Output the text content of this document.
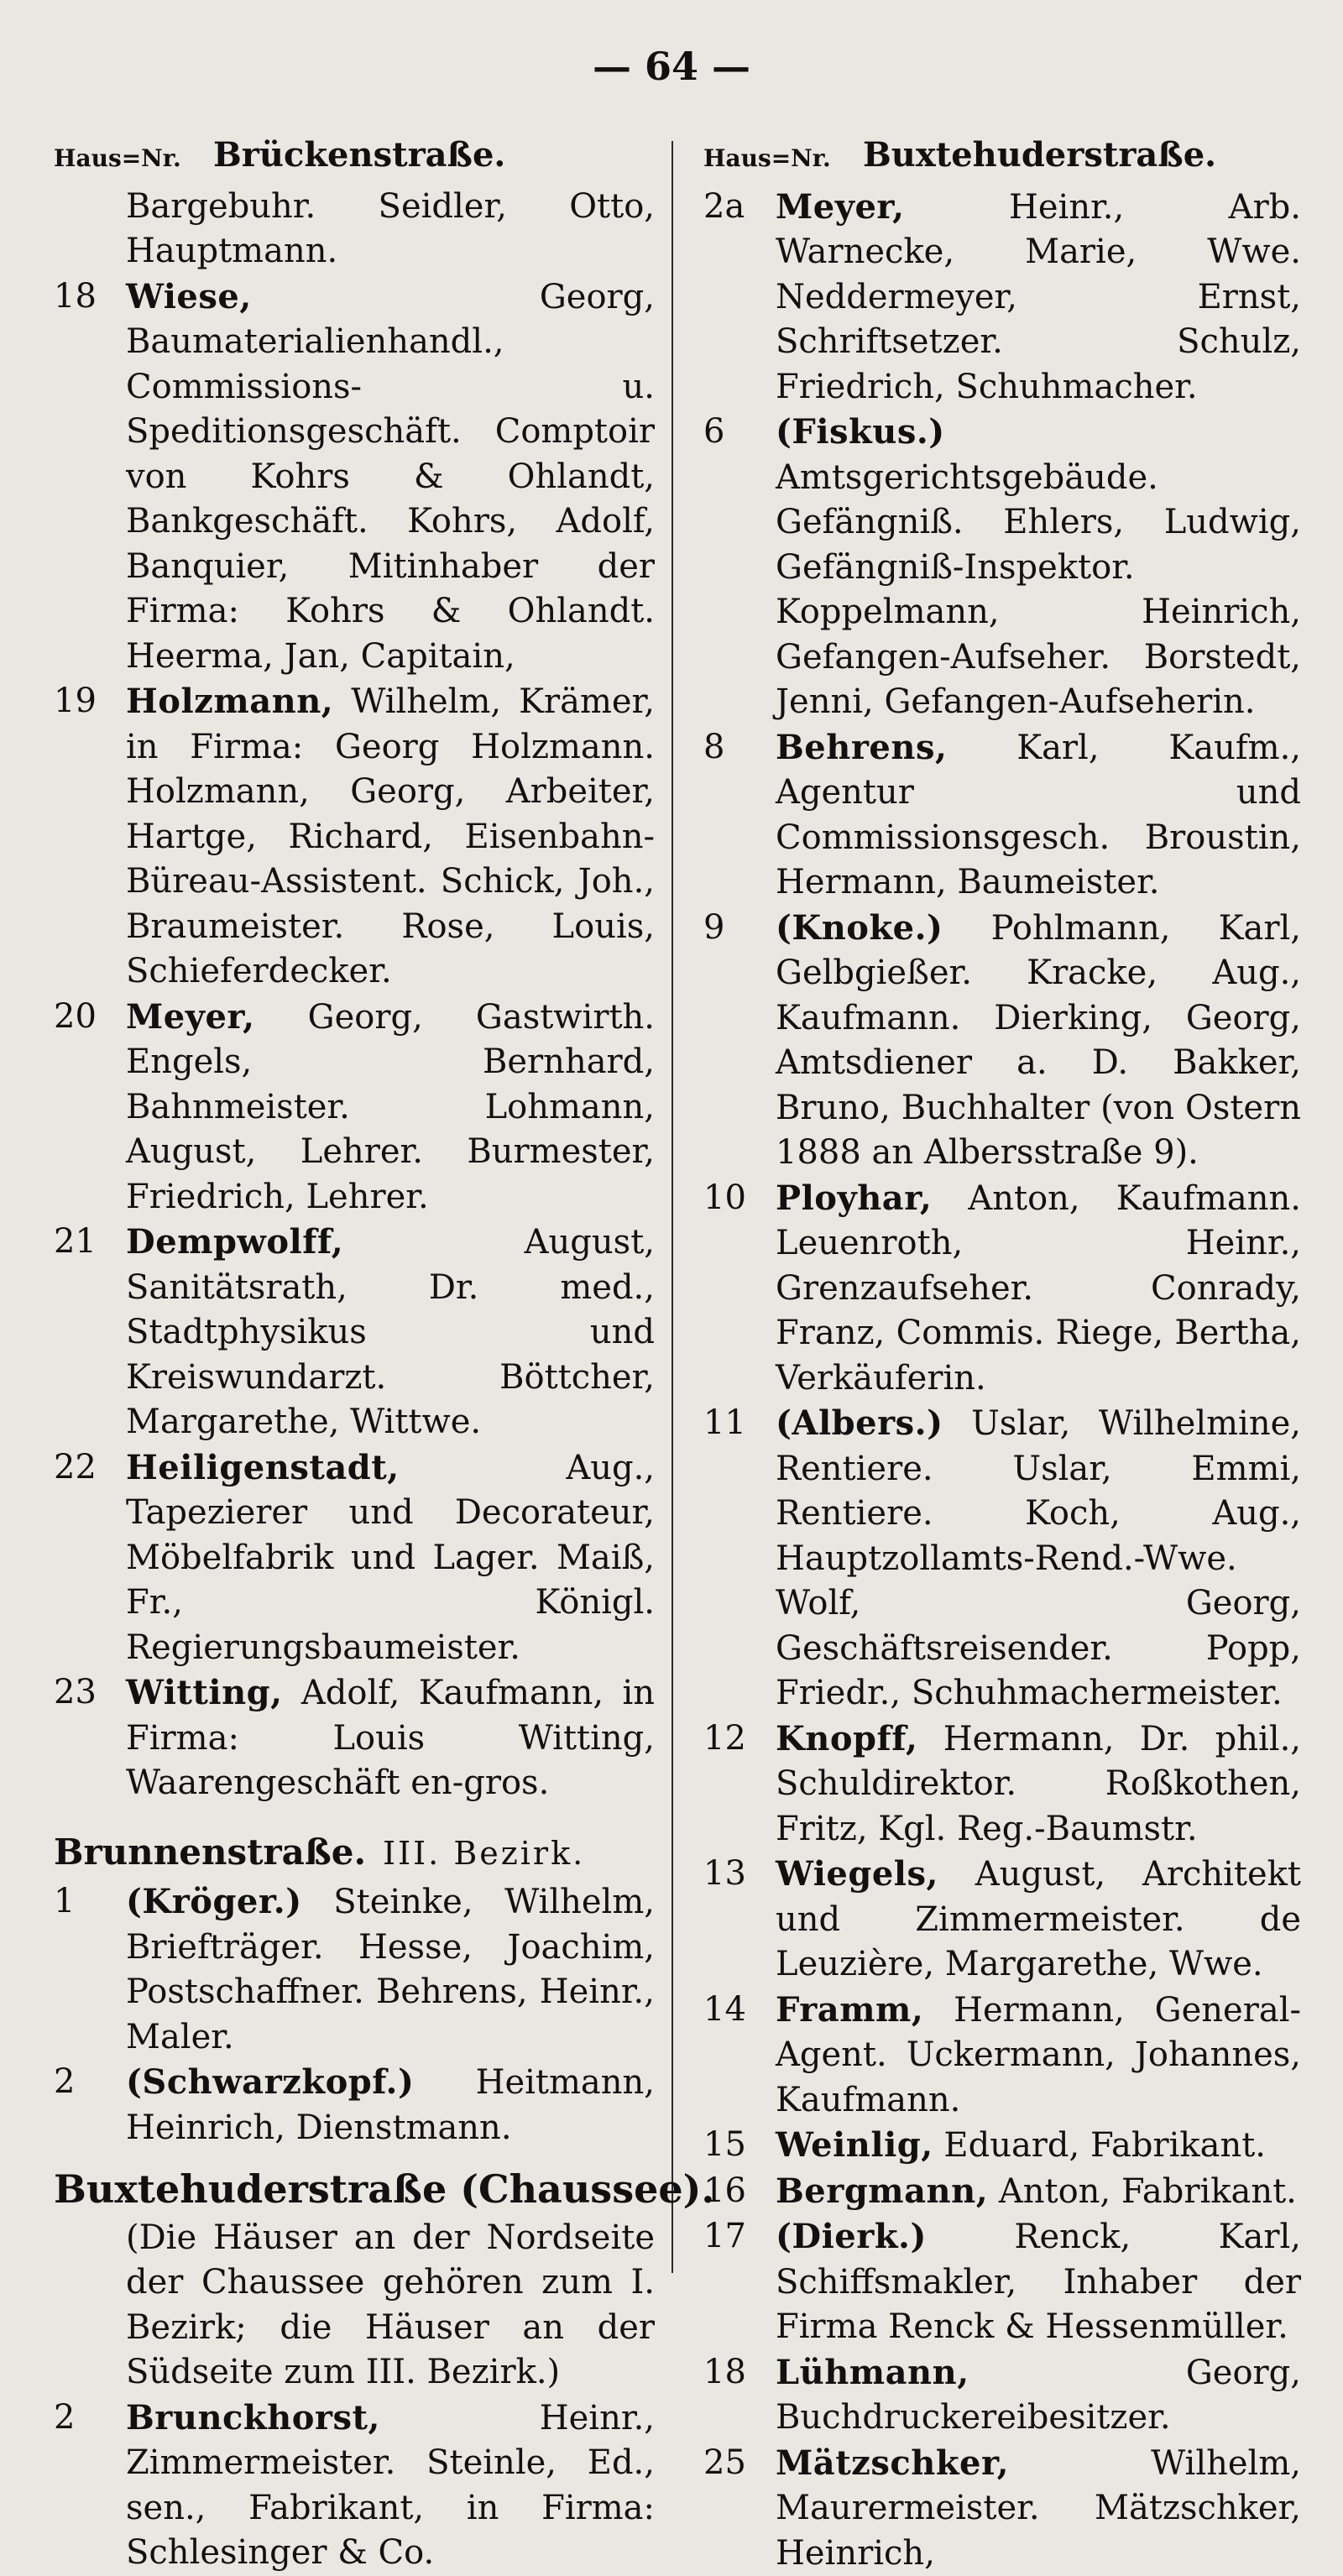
— 64 —
Haus=Nr. Brückenstraße.
Bargebuhr. Seidler, Otto, Hauptmann.
18 Wiese,	Georg, Baumaterialienhandl., Commissions- u. Speditionsgeschäft. Comptoir von Kohrs & Ohlandt, Bankgeschäft. Kohrs, Adolf, Banquier, Mitinhaber der Firma: Kohrs & Ohlandt. Heerma, Jan, Capitain,
19 Holzmann, Wilhelm, Krämer, in Firma: Georg Holzmann. Holzmann, Georg, Arbeiter, Hartge, Richard, Eisenbahn-Büreau-Assistent. Schick, Joh., Braumeister. Rose, Louis, Schieferdecker.
20 Meyer, Georg, Gastwirth. Engels, Bernhard, Bahnmeister. Lohmann, August, Lehrer. Burmester, Friedrich, Lehrer.
21 Dempwolff,	August, Sanitätsrath, Dr. med., Stadtphysikus und Kreiswundarzt. Böttcher, Margarethe, Wittwe.
22 Heiligenstadt,	Aug., Tapezierer und Decorateur, Möbelfabrik und Lager. Maiß, Fr., Königl. Regierungsbaumeister.
23 Witting, Adolf, Kaufmann, in Firma: Louis Witting, Waarengeschäft en-gros.
Brunnenstraße. III. Bezirk.
1	(Kröger.) Steinke, Wilhelm, Briefträger. Hesse, Joachim, Postschaffner. Behrens, Heinr., Maler.
2	(Schwarzkopf.) Heitmann, Heinrich, Dienstmann.
Buxtehuderstraße (Chaussee).
(Die Häuser an der Nordseite der Chaussee gehören zum I. Bezirk; die Häuser an der Südseite zum III. Bezirk.)
2	Brunckhorst,	Heinr., Zimmermeister. Steinle, Ed., sen., Fabrikant, in Firma: Schlesinger & Co.
Haus=Nr. Buxtehuderstraße.
2a Meyer,	Heinr., Arb. Warnecke, Marie, Wwe. Neddermeyer, Ernst, Schriftsetzer. Schulz, Friedrich, Schuhmacher.
6	(Fiskus.) Amtsgerichtsgebäude. Gefängniß. Ehlers, Ludwig, Gefängniß-Inspektor. Koppelmann, Heinrich, Gefangen-Aufseher. Borstedt, Jenni, Gefangen-Aufseherin.
8	Behrens, Karl, Kaufm., Agentur und Commissionsgesch. Broustin, Hermann, Baumeister.
9	(Knoke.) Pohlmann, Karl, Gelbgießer. Kracke, Aug., Kaufmann. Dierking, Georg, Amtsdiener a. D. Bakker, Bruno, Buchhalter (von Ostern 1888 an Albersstraße 9).
10 Ployhar, Anton, Kaufmann. Leuenroth, Heinr., Grenzaufseher. Conrady, Franz, Commis. Riege, Bertha, Verkäuferin.
11 (Albers.) Uslar, Wilhelmine, Rentiere. Uslar, Emmi, Rentiere. Koch, Aug., Hauptzollamts-Rend.-Wwe. Wolf, Georg, Geschäftsreisender. Popp, Friedr., Schuhmachermeister.
12 Knopff, Hermann, Dr. phil., Schuldirektor. Roßkothen, Fritz, Kgl. Reg.-Baumstr.
13 Wiegels, August, Architekt und Zimmermeister. de Leuzière, Margarethe, Wwe.
14 Framm, Hermann, General-Agent. Uckermann, Johannes, Kaufmann.
15 Weinlig, Eduard, Fabrikant.
16 Bergmann, Anton, Fabrikant.
17 (Dierk.)	Renck, Karl, Schiffsmakler, Inhaber der Firma Renck & Hessenmüller.
18 Lühmann,	Georg, Buchdruckereibesitzer.
25 Mätzschker,	Wilhelm, Maurermeister. Mätzschker, Heinrich,
